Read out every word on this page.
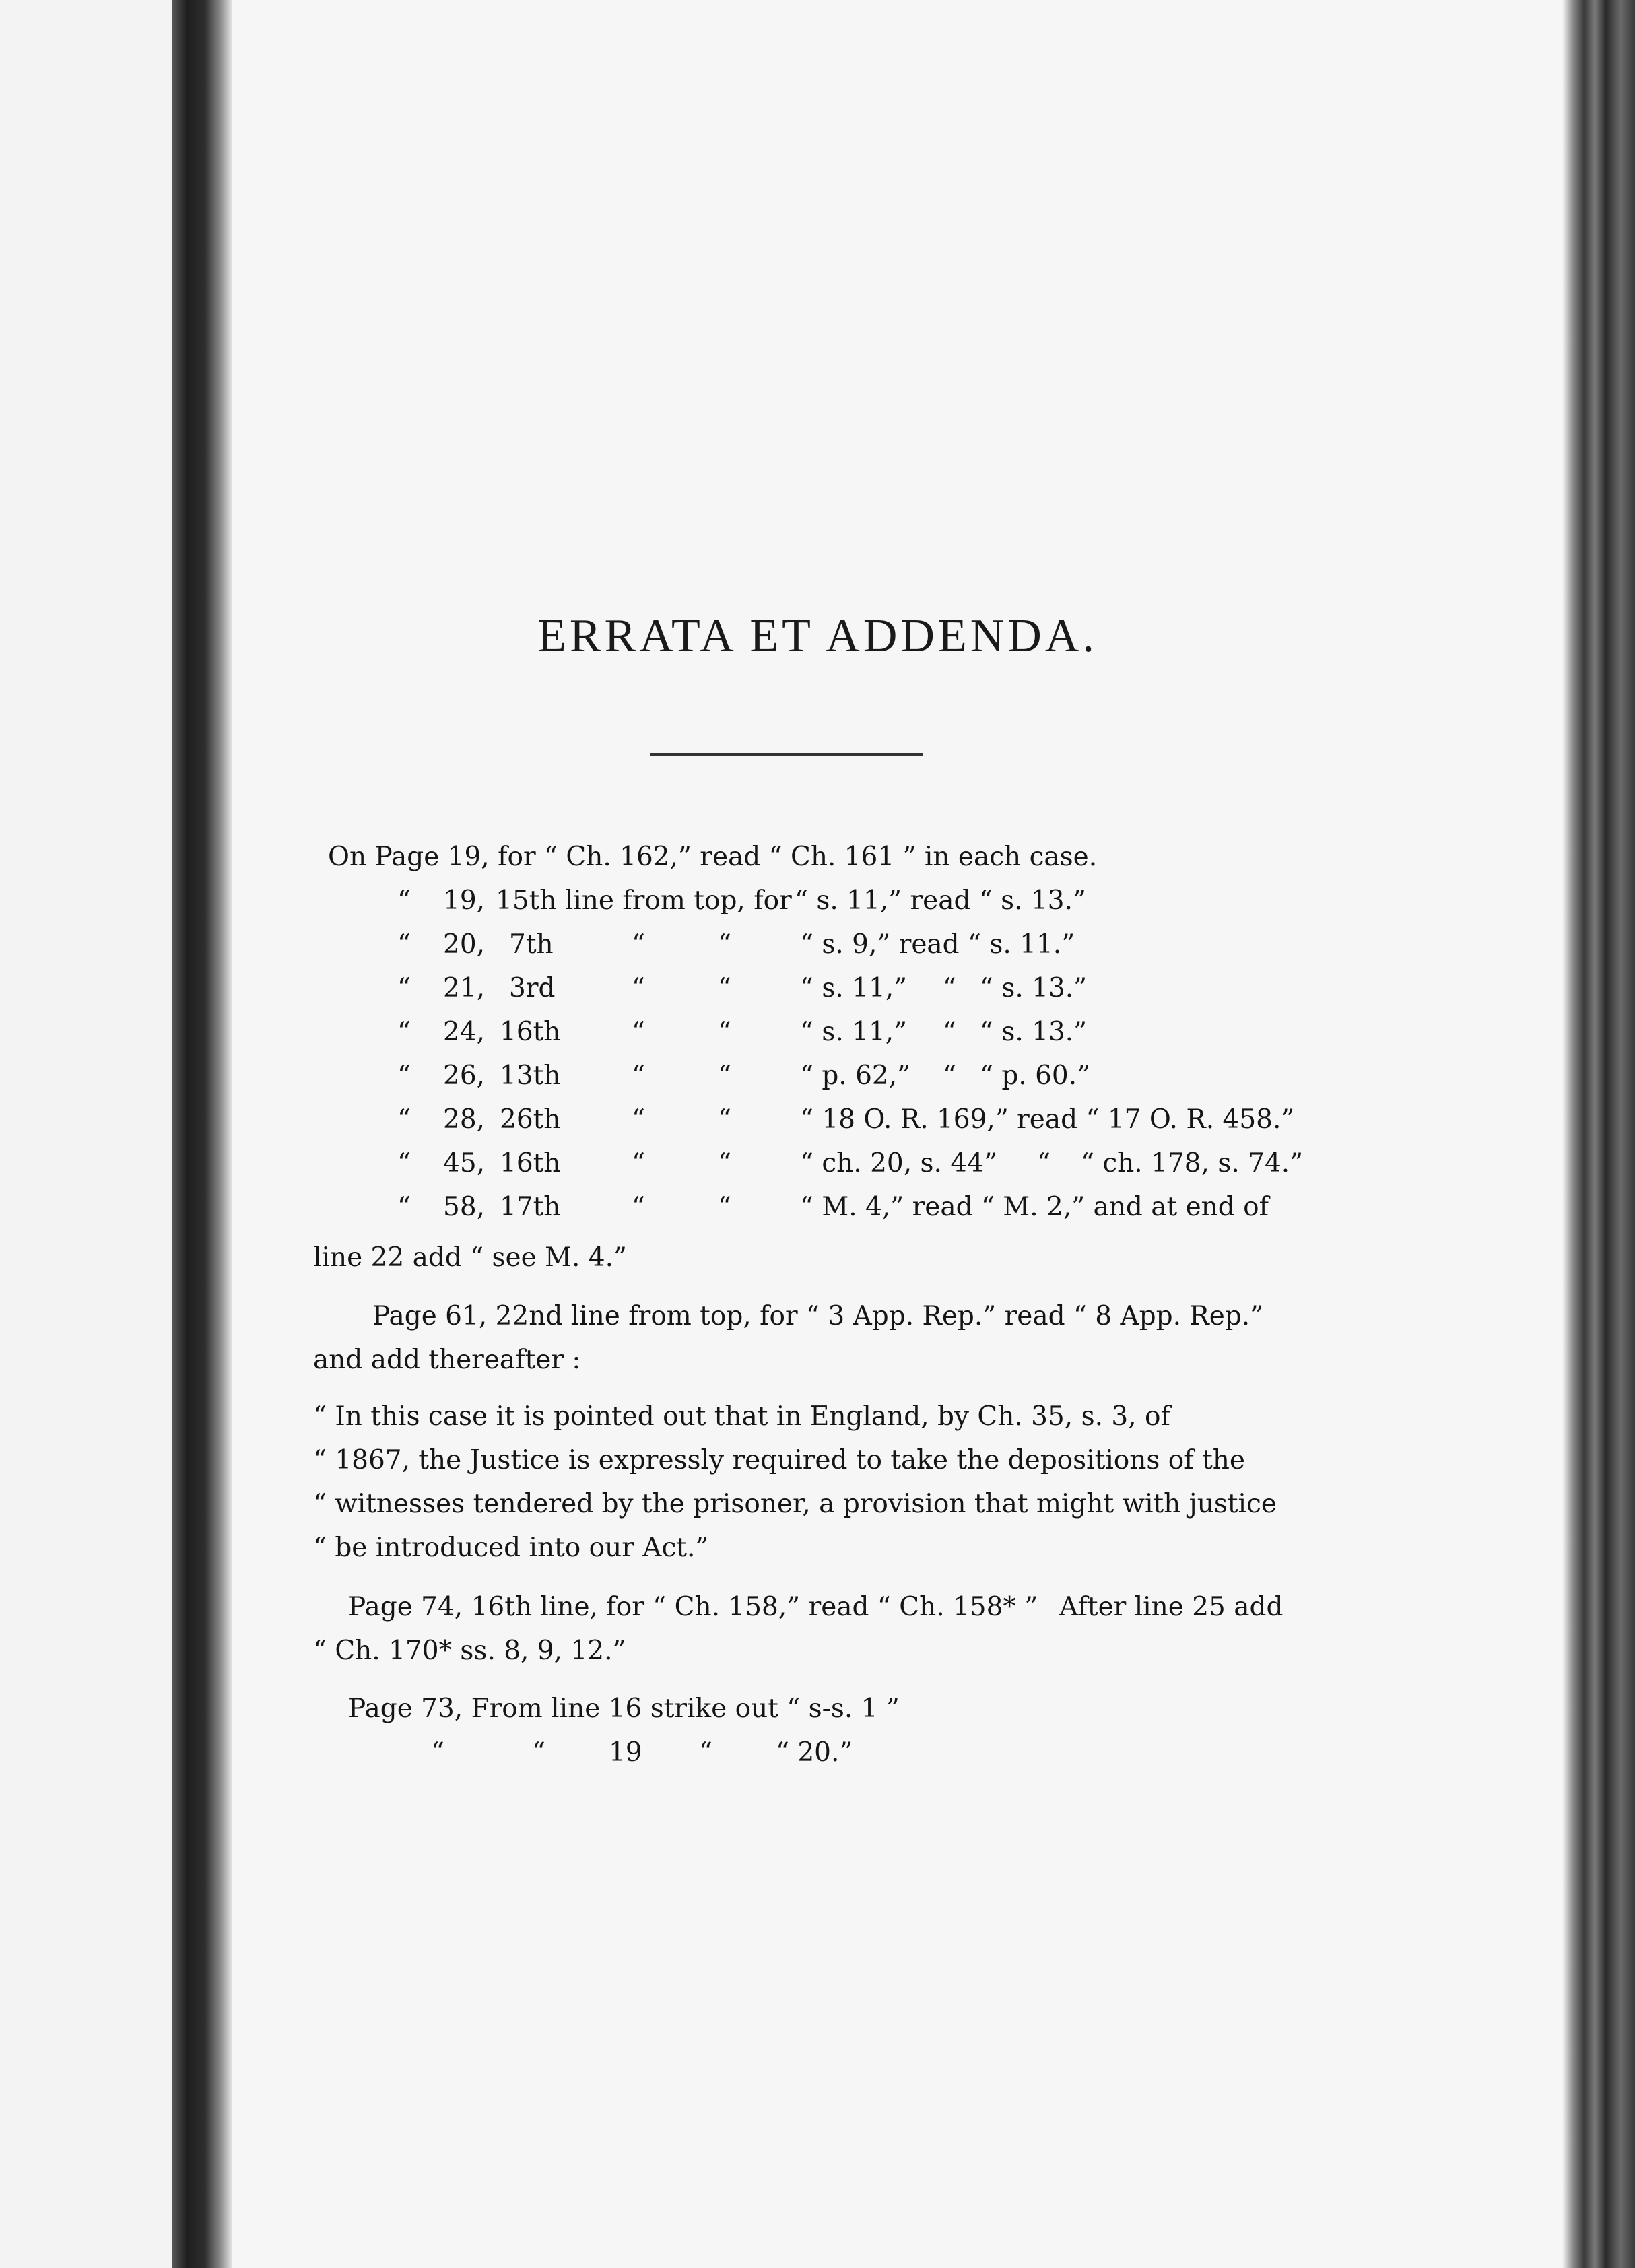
ERRATA ET ADDENDA.
On Page 19, for “ Ch. 162,” read “ Ch. 161 ” in each case.
“ 19, 15th line from top, for “ s. 11,” read “ s. 13.”
“ 20, 7th	“	“	“ s. 9,” read “ s. 11.”
“ 21, 3rd	“	“	“ s. 11,” “ “ s. 13.”
“ 24, 16th	“	“	“ s. 11,” “ “ s. 13.”
“ 26, 13th	“	“	“ p. 62,” “ “ p. 60.”
“ 28, 26th	“	“	“ 18 O. R. 169,” read “ 17 O. R. 458.”
“ 45, 16th	“	“	“ ch. 20, s. 44” “ “ ch. 178, s. 74.”
“ 58, 17th	“	“	“ M. 4,” read “ M. 2,” and at end of
line 22 add “ see M. 4.”
Page 61, 22nd line from top, for “ 3 App. Rep.” read “ 8 App. Rep.”
and add thereafter :
“ In this case it is pointed out that in England, by Ch. 35, s. 3, of
“ 1867, the Justice is expressly required to take the depositions of the
“ witnesses tendered by the prisoner, a provision that might with justice
“ be introduced into our Act.”
Page 74, 16th line, for “ Ch. 158,” read “ Ch. 158* ” After line 25 add
“ Ch. 170* ss. 8, 9, 12.”
Page 73, From line 16 strike out “ s-s. 1 ”
“	“ 19 “ “ 20.”
